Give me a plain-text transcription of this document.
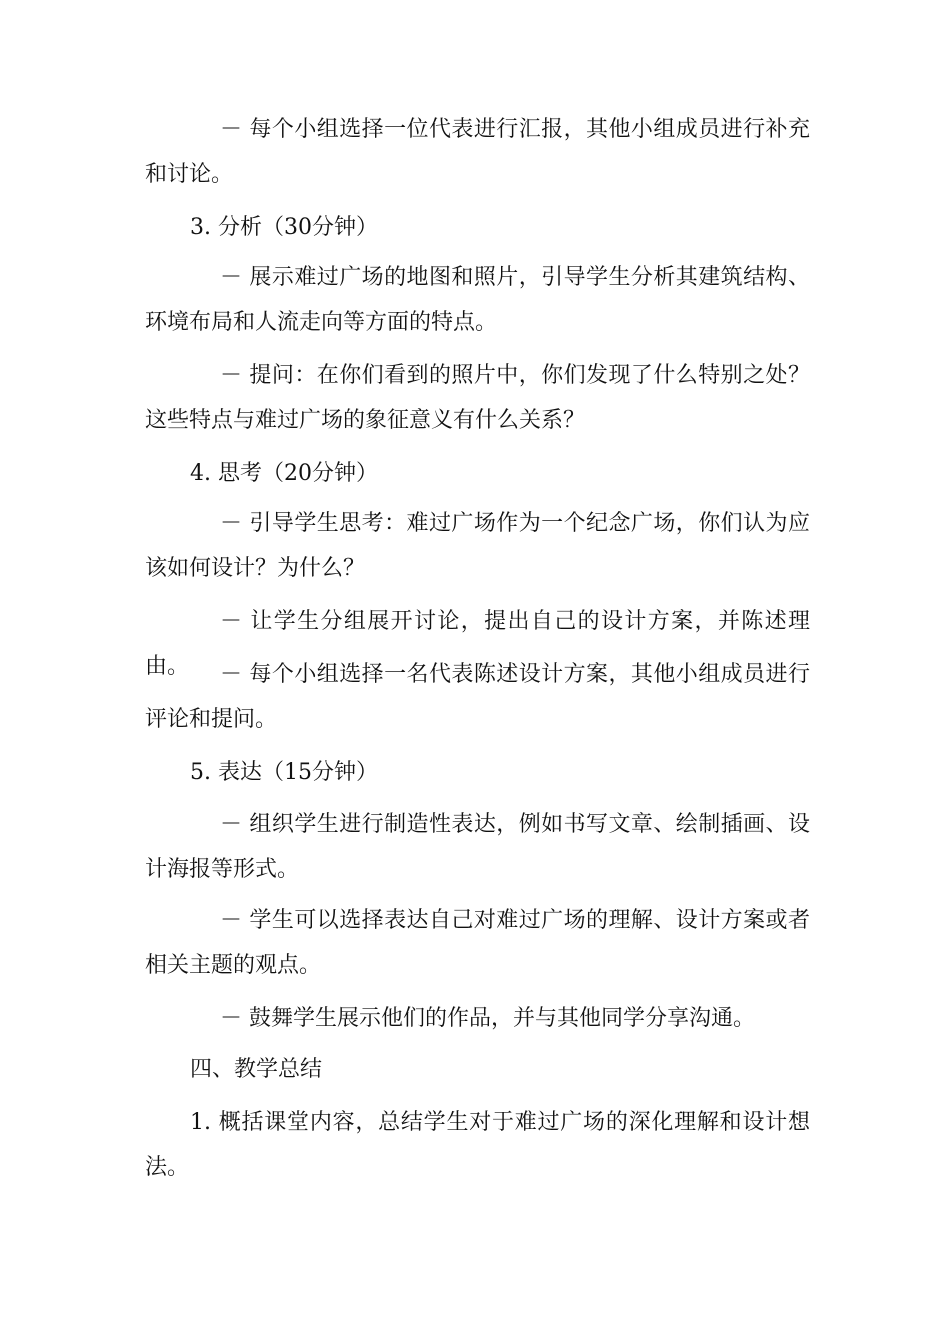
－ 每个小组选择一位代表进行汇报，其他小组成员进行补充和讨论。

3. 分析（30分钟）

－ 展示难过广场的地图和照片，引导学生分析其建筑结构、环境布局和人流走向等方面的特点。

－ 提问：在你们看到的照片中，你们发现了什么特别之处？这些特点与难过广场的象征意义有什么关系？

4. 思考（20分钟）

－ 引导学生思考：难过广场作为一个纪念广场，你们认为应该如何设计？为什么？

－ 让学生分组展开讨论，提出自己的设计方案，并陈述理由。	－ 每个小组选择一名代表陈述设计方案，其他小组成员进行评论和提问。

5. 表达（15分钟）

－ 组织学生进行制造性表达，例如书写文章、绘制插画、设计海报等形式。

－ 学生可以选择表达自己对难过广场的理解、设计方案或者相关主题的观点。

－ 鼓舞学生展示他们的作品，并与其他同学分享沟通。

四、教学总结

1. 概括课堂内容，总结学生对于难过广场的深化理解和设计想法。
